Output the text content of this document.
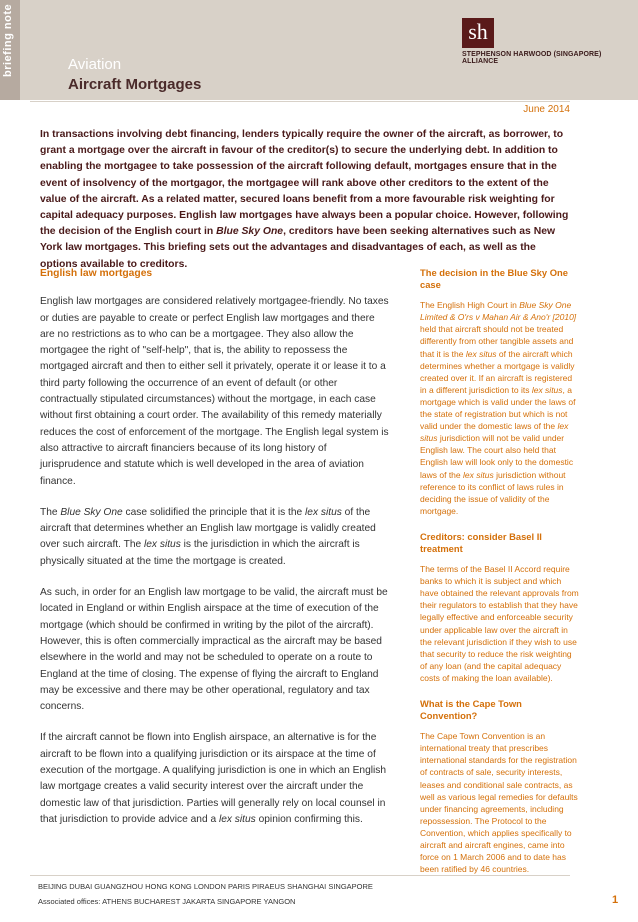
briefing note	Aviation
Aircraft Mortgages
sh
STEPHENSON HARWOOD (SINGAPORE) ALLIANCE
June 2014
In transactions involving debt financing, lenders typically require the owner of the aircraft, as borrower, to grant a mortgage over the aircraft in favour of the creditor(s) to secure the underlying debt. In addition to enabling the mortgagee to take possession of the aircraft following default, mortgages ensure that in the event of insolvency of the mortgagor, the mortgagee will rank above other creditors to the extent of the value of the aircraft. As a related matter, secured loans benefit from a more favourable risk weighting for capital adequacy purposes. English law mortgages have always been a popular choice. However, following the decision of the English court in Blue Sky One, creditors have been seeking alternatives such as New York law mortgages. This briefing sets out the advantages and disadvantages of each, as well as the options available to creditors.
English law mortgages

English law mortgages are considered relatively mortgagee-friendly. No taxes or duties are payable to create or perfect English law mortgages and there are no restrictions as to who can be a mortgagee. They also allow the mortgagee the right of "self-help", that is, the ability to repossess the mortgaged aircraft and then to either sell it privately, operate it or lease it to a third party following the occurrence of an event of default (or other contractually stipulated circumstances) without the mortgage, in each case without first obtaining a court order. The availability of this remedy materially reduces the cost of enforcement of the mortgage. The English legal system is also attractive to aircraft financiers because of its long history of jurisprudence and statute which is well developed in the area of aviation finance.

The Blue Sky One case solidified the principle that it is the lex situs of the aircraft that determines whether an English law mortgage is validly created over such aircraft. The lex situs is the jurisdiction in which the aircraft is physically situated at the time the mortgage is created.

As such, in order for an English law mortgage to be valid, the aircraft must be located in England or within English airspace at the time of execution of the mortgage (which should be confirmed in writing by the pilot of the aircraft). However, this is often commercially impractical as the aircraft may be based elsewhere in the world and may not be scheduled to operate on a route to England at the time of closing. The expense of flying the aircraft to England may be excessive and there may be other operational, regulatory and tax concerns.

If the aircraft cannot be flown into English airspace, an alternative is for the aircraft to be flown into a qualifying jurisdiction or its airspace at the time of execution of the mortgage. A qualifying jurisdiction is one in which an English law mortgage creates a valid security interest over the aircraft under the domestic law of that jurisdiction. Parties will generally rely on local counsel in that jurisdiction to provide advice and a lex situs opinion confirming this.

The decision in the Blue Sky One case

The English High Court in Blue Sky One Limited & O'rs v Mahan Air & Ano'r [2010] held that aircraft should not be treated differently from other tangible assets and that it is the lex situs of the aircraft which determines whether a mortgage is validly created over it. If an aircraft is registered in a different jurisdiction to its lex situs, a mortgage which is valid under the laws of the state of registration but which is not valid under the domestic laws of the lex situs jurisdiction will not be valid under English law. The court also held that English law will look only to the domestic laws of the lex situs jurisdiction without reference to its conflict of laws rules in deciding the issue of validity of the mortgage.

Creditors: consider Basel II treatment

The terms of the Basel II Accord require banks to which it is subject and which have obtained the relevant approvals from their regulators to establish that they have legally effective and enforceable security under applicable law over the aircraft in the relevant jurisdiction if they wish to use that security to reduce the risk weighting of any loan (and the capital adequacy costs of making the loan available).

What is the Cape Town Convention?

The Cape Town Convention is an international treaty that prescribes international standards for the registration of contracts of sale, security interests, leases and conditional sale contracts, as well as various legal remedies for defaults under financing agreements, including repossession. The Protocol to the Convention, which applies specifically to aircraft and aircraft engines, came into force on 1 March 2006 and to date has been ratified by 46 countries.

BEIJING DUBAI GUANGZHOU HONG KONG LONDON PARIS PIRAEUS SHANGHAI SINGAPORE
Associated offices: ATHENS BUCHAREST JAKARTA SINGAPORE YANGON	1
